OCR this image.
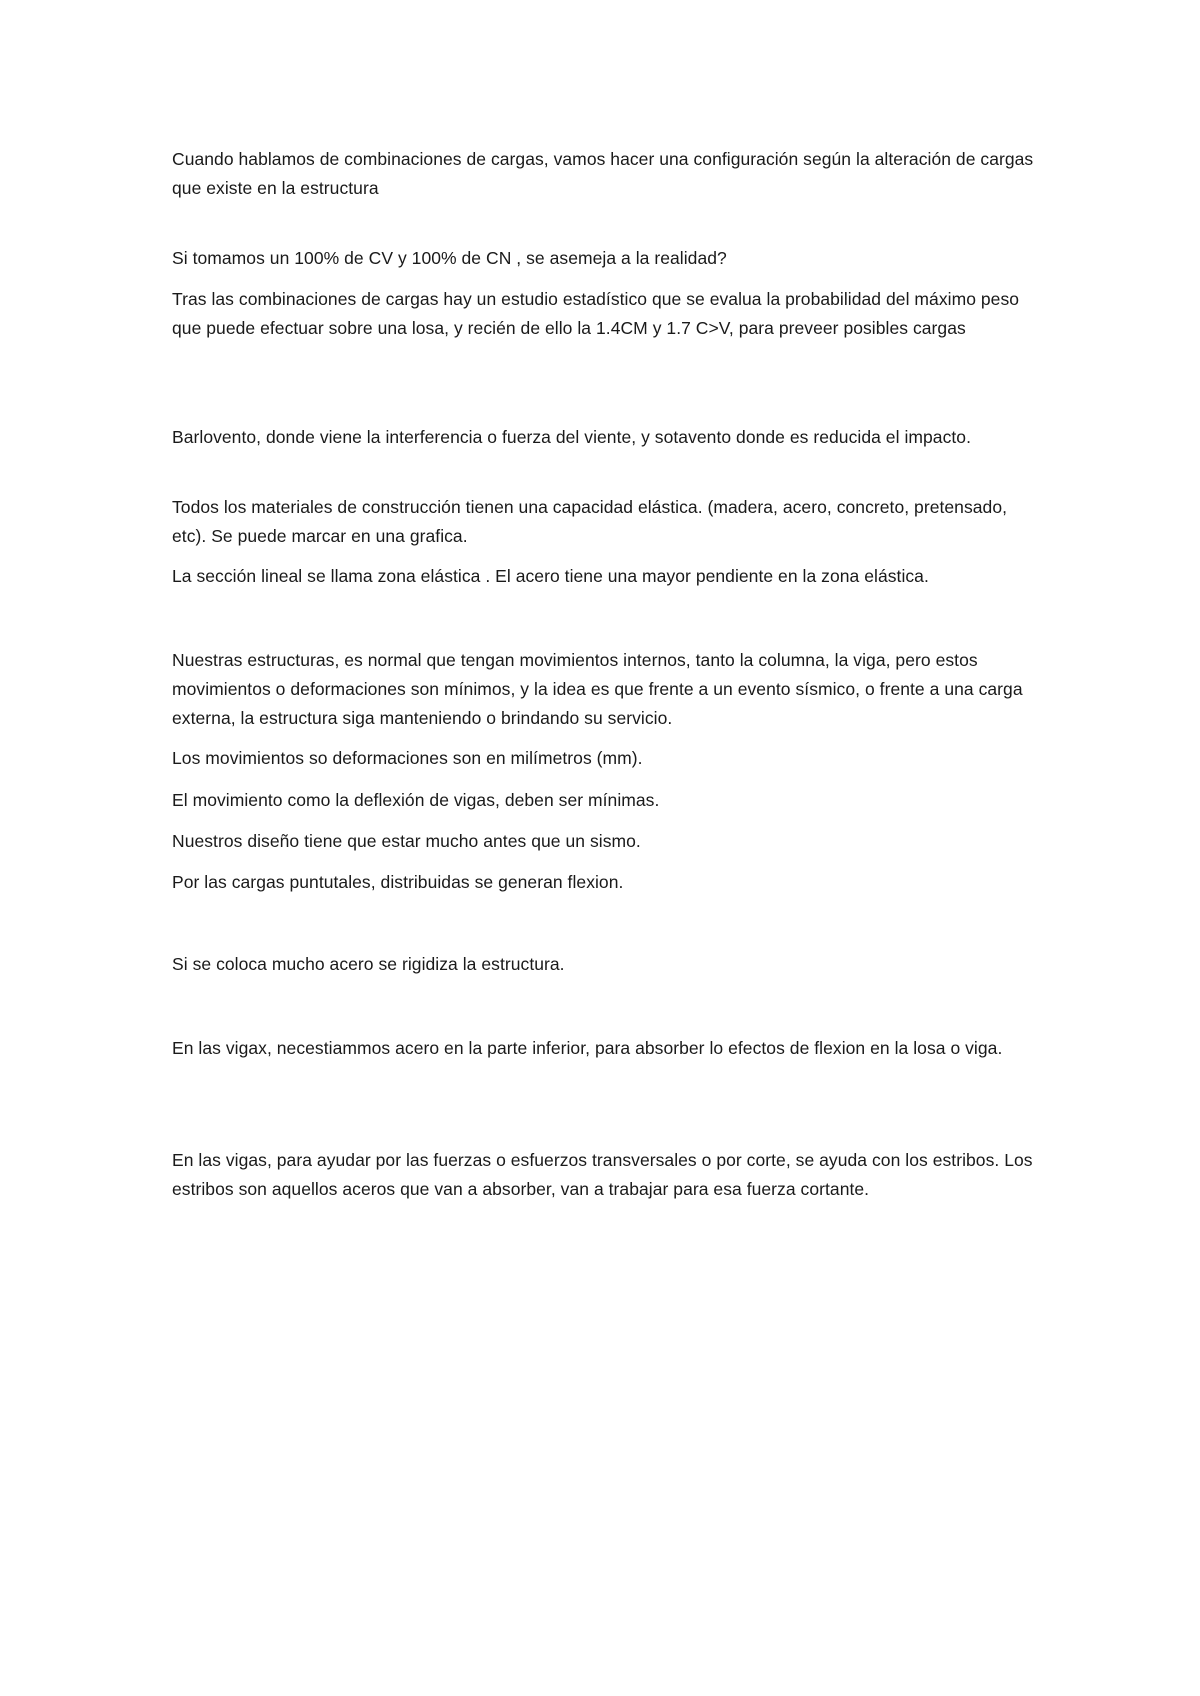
Cuando hablamos de combinaciones de cargas, vamos hacer una configuración según la alteración de cargas que existe en la estructura

Si tomamos un 100% de CV y 100% de CN , se asemeja a la realidad?

Tras las combinaciones de cargas hay un estudio estadístico que se evalua la probabilidad del máximo peso que puede efectuar sobre una losa, y recién de ello la 1.4CM y 1.7 C>V, para preveer posibles cargas

Barlovento, donde viene la interferencia o fuerza del viente, y sotavento donde es reducida el impacto.

Todos los materiales de construcción tienen una capacidad elástica. (madera, acero, concreto, pretensado, etc). Se puede marcar en una grafica.

La sección lineal se llama zona elástica . El acero tiene una mayor pendiente en la zona elástica.

Nuestras estructuras, es normal que tengan movimientos internos, tanto la columna, la viga, pero estos movimientos o deformaciones son mínimos, y la idea es que frente a un evento sísmico, o frente a una carga externa, la estructura siga manteniendo o brindando su servicio.

Los movimientos so deformaciones son en milímetros (mm).

El movimiento como la deflexión de vigas, deben ser mínimas.

Nuestros diseño tiene que estar mucho antes que un sismo.

Por las cargas puntutales, distribuidas se generan flexion.

Si se coloca mucho acero se rigidiza la estructura.

En las vigax, necestiammos acero en la parte inferior, para absorber lo efectos de flexion en la losa o viga.

En las vigas, para ayudar por las fuerzas o esfuerzos transversales o por corte, se ayuda con los estribos. Los estribos son aquellos aceros que van a absorber, van a trabajar para esa fuerza cortante.
